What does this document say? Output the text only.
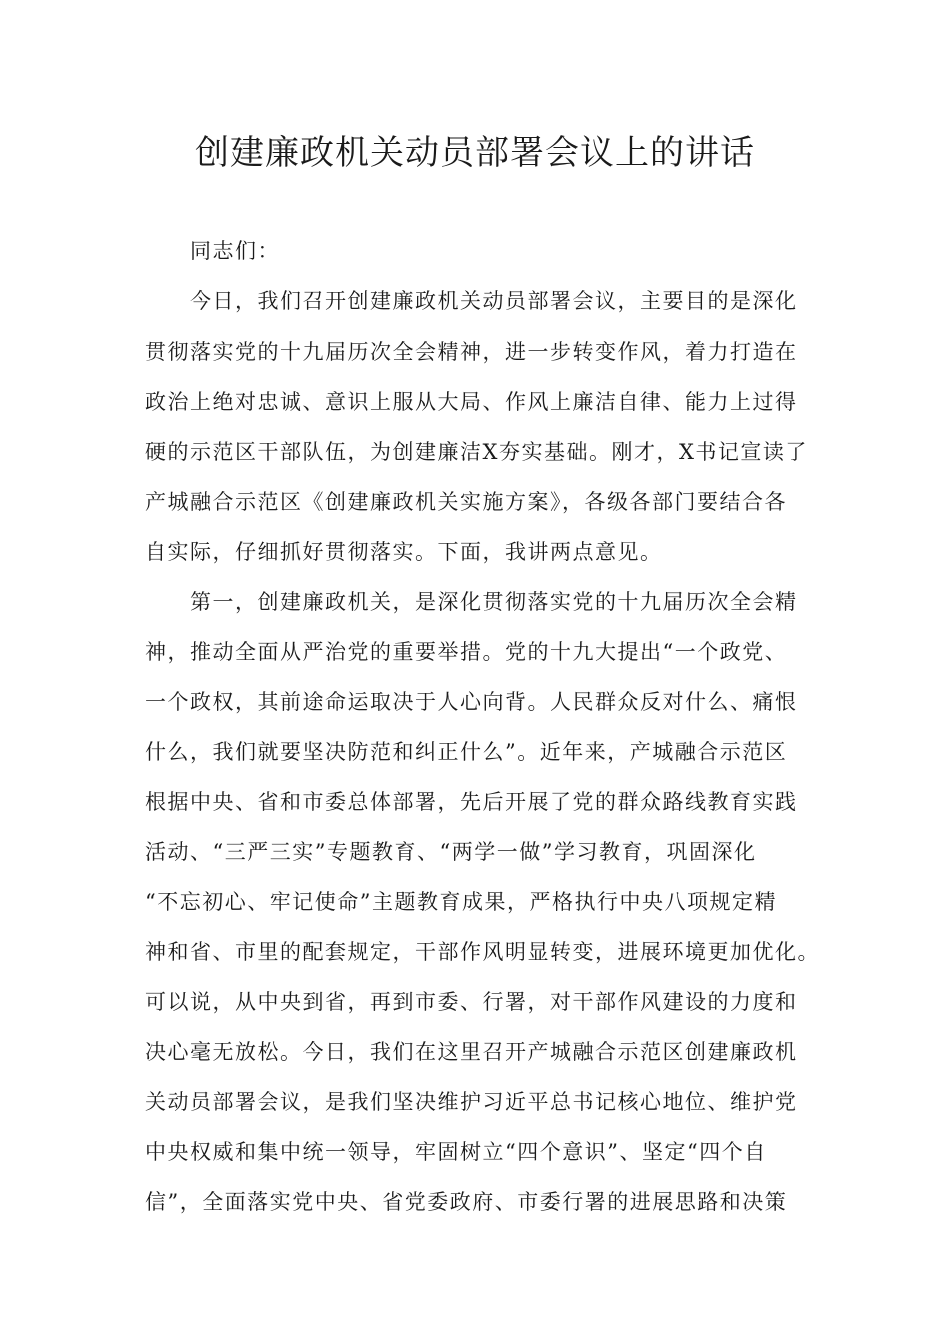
创建廉政机关动员部署会议上的讲话
同志们：
今日，我们召开创建廉政机关动员部署会议，主要目的是深化
贯彻落实党的十九届历次全会精神，进一步转变作风，着力打造在
政治上绝对忠诚、意识上服从大局、作风上廉洁自律、能力上过得
硬的示范区干部队伍，为创建廉洁X夯实基础。刚才，X书记宣读了
产城融合示范区《创建廉政机关实施方案》，各级各部门要结合各
自实际，仔细抓好贯彻落实。下面，我讲两点意见。
第一，创建廉政机关，是深化贯彻落实党的十九届历次全会精
神，推动全面从严治党的重要举措。党的十九大提出“一个政党、
一个政权，其前途命运取决于人心向背。人民群众反对什么、痛恨
什么，我们就要坚决防范和纠正什么”。近年来，产城融合示范区
根据中央、省和市委总体部署，先后开展了党的群众路线教育实践
活动、“三严三实”专题教育、“两学一做”学习教育，巩固深化
“不忘初心、牢记使命”主题教育成果，严格执行中央八项规定精
神和省、市里的配套规定，干部作风明显转变，进展环境更加优化。
可以说，从中央到省，再到市委、行署，对干部作风建设的力度和
决心毫无放松。今日，我们在这里召开产城融合示范区创建廉政机
关动员部署会议，是我们坚决维护习近平总书记核心地位、维护党
中央权威和集中统一领导，牢固树立“四个意识”、坚定“四个自
信”，全面落实党中央、省党委政府、市委行署的进展思路和决策
